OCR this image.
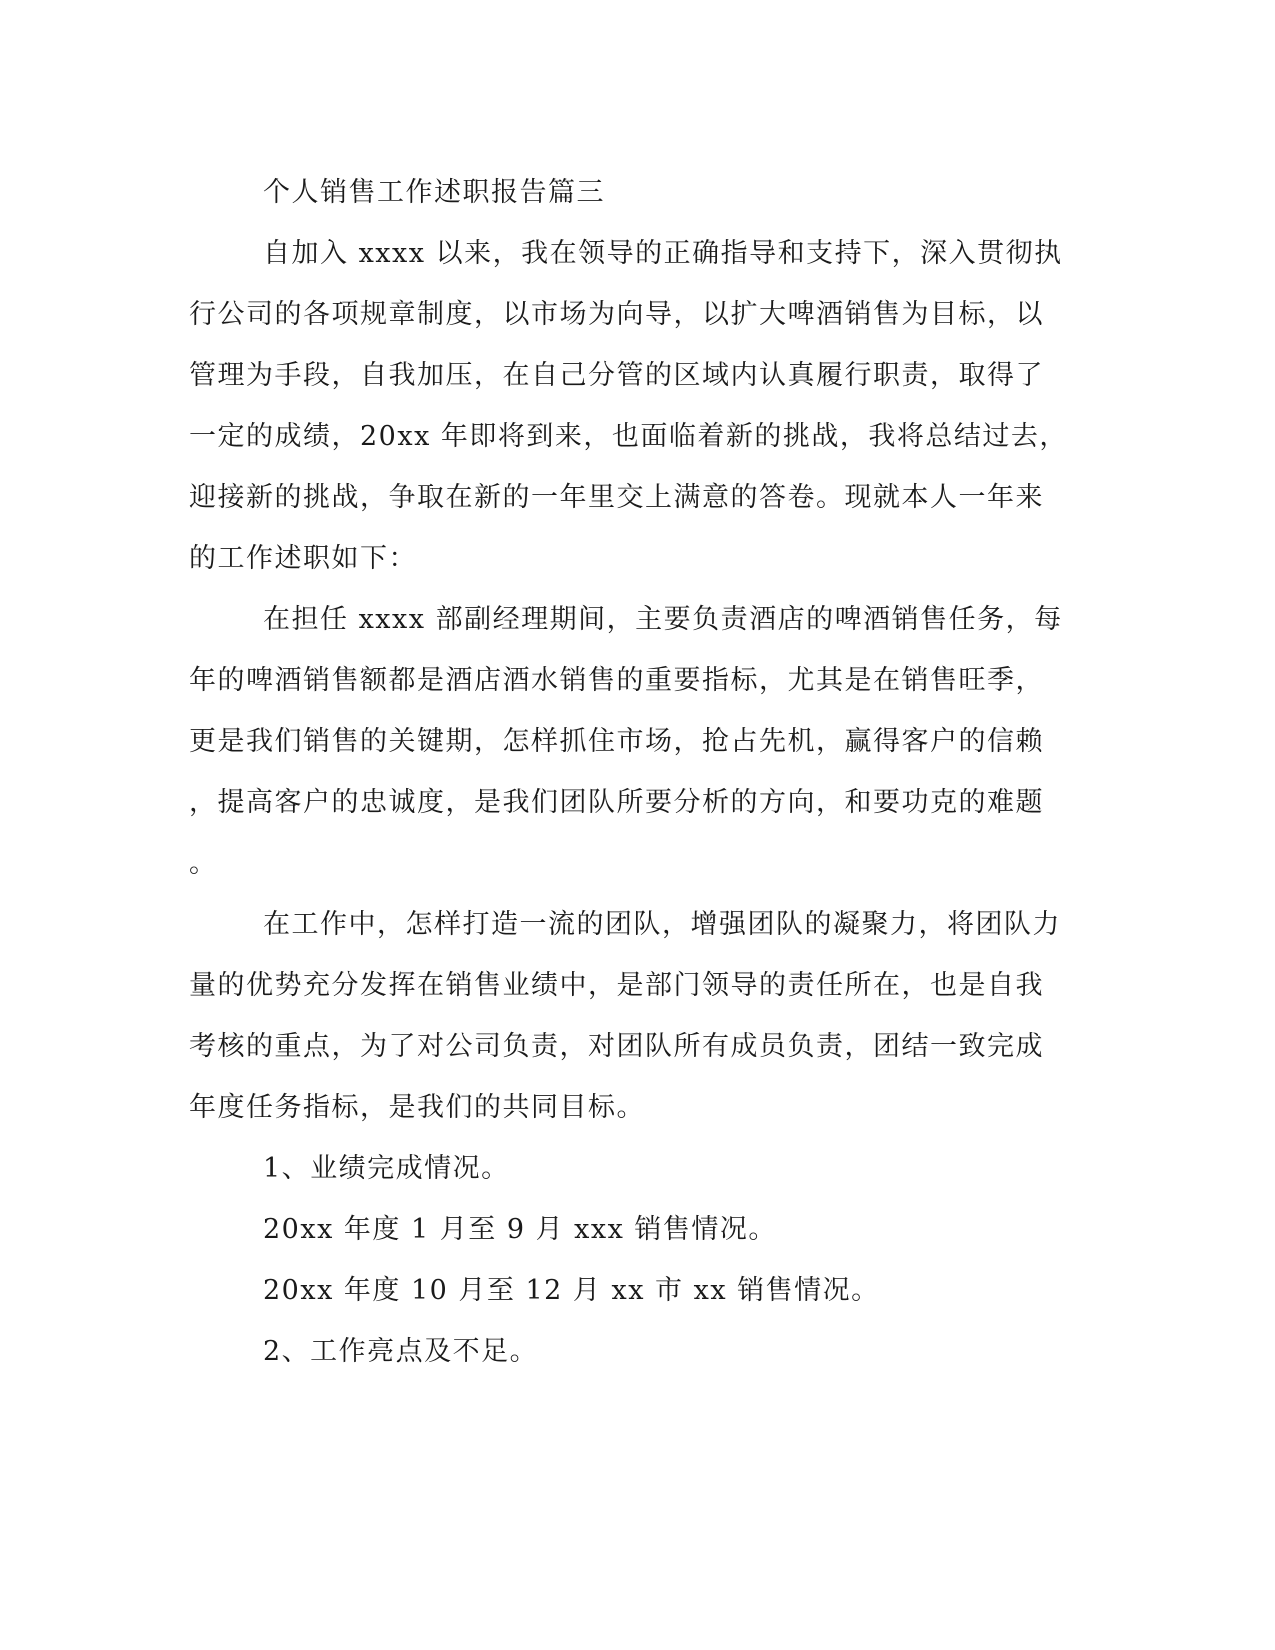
个人销售工作述职报告篇三

自加入 xxxx 以来，我在领导的正确指导和支持下，深入贯彻执

行公司的各项规章制度，以市场为向导，以扩大啤酒销售为目标，以

管理为手段，自我加压，在自己分管的区域内认真履行职责，取得了

一定的成绩，20xx 年即将到来，也面临着新的挑战，我将总结过去，

迎接新的挑战，争取在新的一年里交上满意的答卷。现就本人一年来

的工作述职如下：

在担任 xxxx 部副经理期间，主要负责酒店的啤酒销售任务，每

年的啤酒销售额都是酒店酒水销售的重要指标，尤其是在销售旺季，

更是我们销售的关键期，怎样抓住市场，抢占先机，赢得客户的信赖

，提高客户的忠诚度，是我们团队所要分析的方向，和要功克的难题

。

在工作中，怎样打造一流的团队，增强团队的凝聚力，将团队力

量的优势充分发挥在销售业绩中，是部门领导的责任所在，也是自我

考核的重点，为了对公司负责，对团队所有成员负责，团结一致完成

年度任务指标，是我们的共同目标。

1、业绩完成情况。

20xx 年度 1 月至 9 月 xxx 销售情况。

20xx 年度 10 月至 12 月 xx 市 xx 销售情况。

2、工作亮点及不足。
